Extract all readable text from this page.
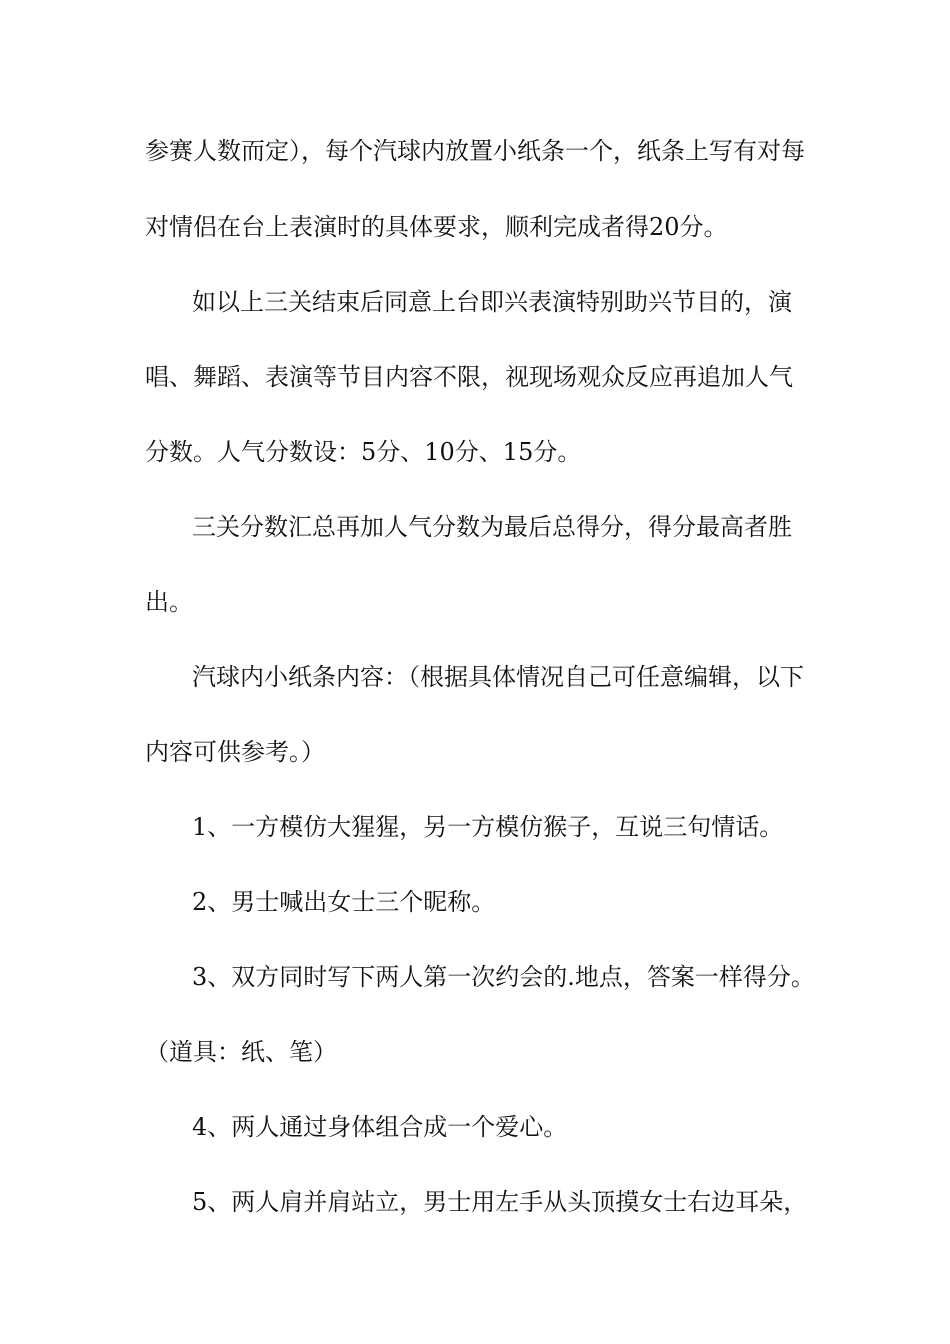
参赛人数而定），每个汽球内放置小纸条一个，纸条上写有对每
对情侣在台上表演时的具体要求，顺利完成者得20分。
如以上三关结束后同意上台即兴表演特别助兴节目的，演
唱、舞蹈、表演等节目内容不限，视现场观众反应再追加人气
分数。人气分数设：5分、10分、15分。
三关分数汇总再加人气分数为最后总得分，得分最高者胜
出。
汽球内小纸条内容：（根据具体情况自己可任意编辑，以下
内容可供参考。）
1、一方模仿大猩猩，另一方模仿猴子，互说三句情话。
2、男士喊出女士三个昵称。
3、双方同时写下两人第一次约会的.地点，答案一样得分。
（道具：纸、笔）
4、两人通过身体组合成一个爱心。
5、两人肩并肩站立，男士用左手从头顶摸女士右边耳朵，
